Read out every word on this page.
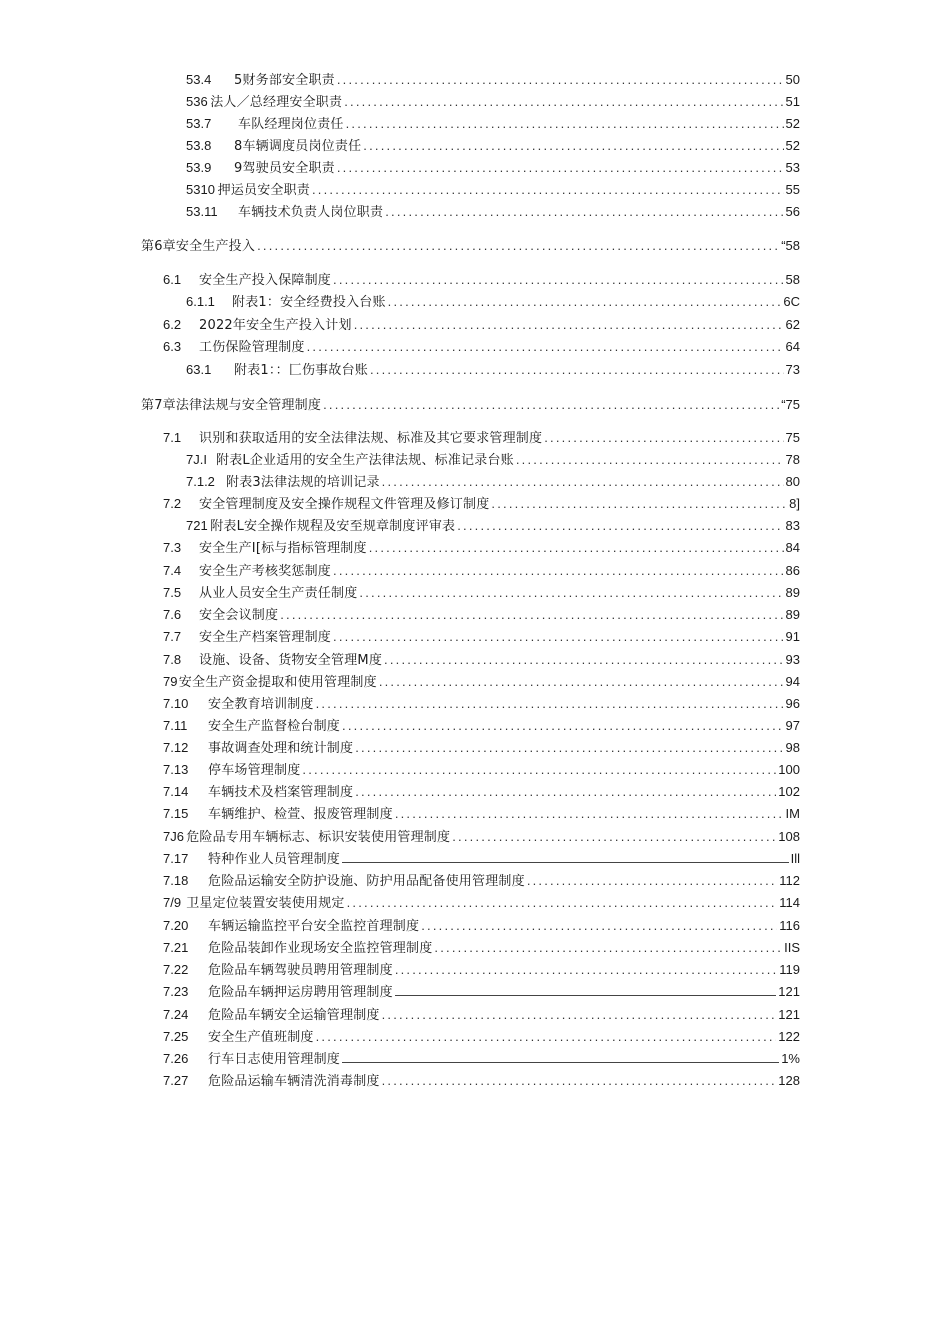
53.4	5财务部安全职责 .....	50
536 法人／总经理安全职责 .....	51
53.7	车队经理岗位责任 .....	52
53.8	8车辆调度员岗位责任 .....	52
53.9	9驾驶员安全职责 .....	53
5310 押运员安全职责 .....	55
53.11	车辆技术负责人岗位职责 .....	56
第6章安全生产投入 .....	“58
6.1	安全生产投入保障制度 .....	58
6.1.1	附表1：安全经费投入台账 .....	6C
6.2	2022年安全生产投入计划 .....	62
6.3	工伤保险管理制度 .....	64
63.1	附表1：：匚伤事故台账 .....	73
第7章法律法规与安全管理制度 .....	“75
7.1	识别和获取适用的安全法律法规、标准及其它要求管理制度 .....	75
7J.I 附表L企业适用的安全生产法律法规、标准记录台账 .....	78
7.1.2 附表3法律法规的培训记录 .....	80
7.2	安全管理制度及安全操作规程文件管理及修订制度 .....	8]
721 附表L安全操作规程及安至规章制度评审表 .....	83
7.3	安全生产I[标与指标管理制度 .....	84
7.4	安全生产考核奖惩制度 .....	86
7.5	从业人员安全生产责任制度 .....	89
7.6	安全会议制度 .....	89
7.7	安全生产档案管理制度 .....	91
7.8	设施、设备、货物安全管理M度 .....	93
79 安全生产资金提取和使用管理制度 .....	94
7.10	安全教育培训制度 .....	96
7.11	安全生产监督检台制度 .....	97
7.12	事故调查处理和统计制度 .....	98
7.13	停车场管理制度 .....	100
7.14	车辆技术及档案管理制度 .....	102
7.15	车辆维护、检萱、报废管理制度 .....	IM
7J6 危险品专用车辆标志、标识安装使用管理制度 .....	108
7.17	特种作业人员管理制度	Ill
7.18	危险品运输安全防护设施、防护用品配备使用管理制度 .....	112
7/9 卫星定位装置安装使用规定 .....	114
7.20	车辆运输监控平台安全监控首理制度 .....	116
7.21	危险品装卸作业现场安全监控管理制度 .....	IIS
7.22	危险品车辆驾驶员聘用管理制度 .....	119
7.23	危险品车辆押运房聘用管理制度	121
7.24	危险品车辆安全运输管理制度 .....	121
7.25	安全生产值班制度 .....	122
7.26	行车日志使用管理制度	1%
7.27	危险品运输车辆清洗消毒制度 .....	128
